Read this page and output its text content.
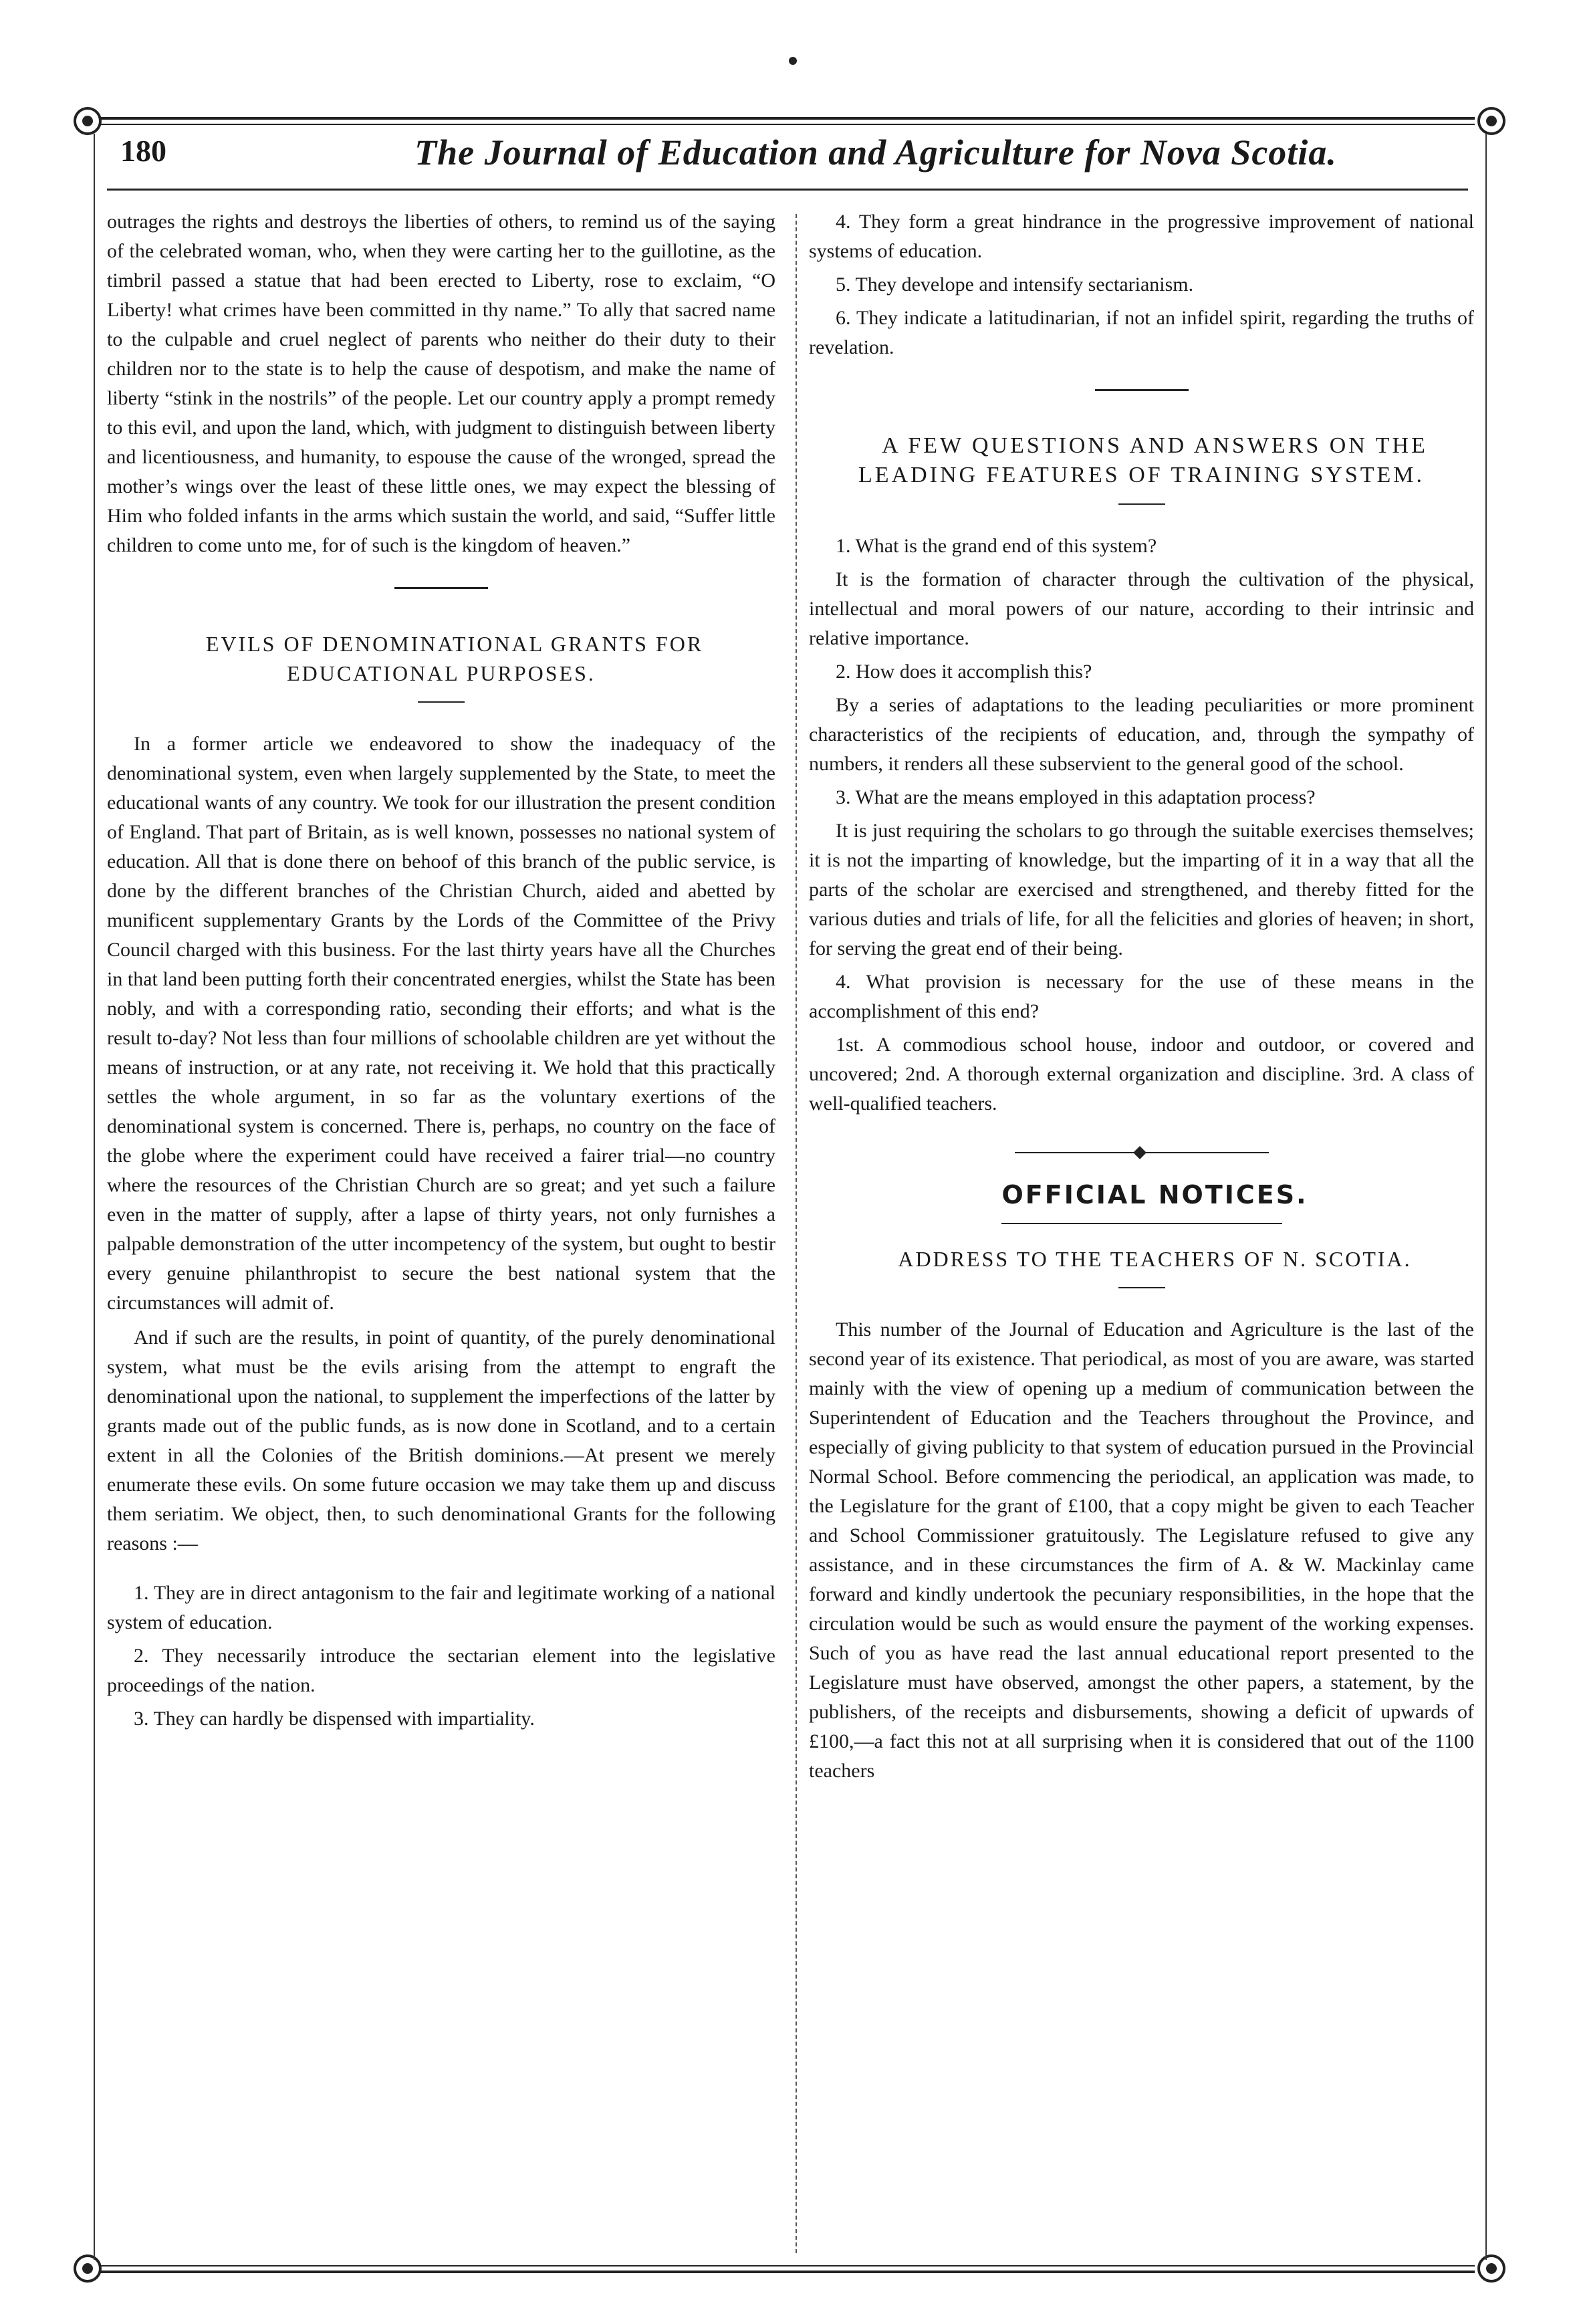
180	The Journal of Education and Agriculture for Nova Scotia.

outrages the rights and destroys the liberties of others, to remind us of the saying of the celebrated woman, who, when they were carting her to the guillotine, as the timbril passed a statue that had been erected to Liberty, rose to exclaim, “O Liberty! what crimes have been committed in thy name.” To ally that sacred name to the culpable and cruel neglect of parents who neither do their duty to their children nor to the state is to help the cause of despotism, and make the name of liberty “stink in the nostrils” of the people. Let our country apply a prompt remedy to this evil, and upon the land, which, with judgment to distinguish between liberty and licentiousness, and humanity, to espouse the cause of the wronged, spread the mother’s wings over the least of these little ones, we may expect the blessing of Him who folded infants in the arms which sustain the world, and said, “Suffer little children to come unto me, for of such is the kingdom of heaven.”

EVILS OF DENOMINATIONAL GRANTS FOR EDUCATIONAL PURPOSES.

In a former article we endeavored to show the inadequacy of the denominational system, even when largely supplemented by the State, to meet the educational wants of any country. We took for our illustration the present condition of England. That part of Britain, as is well known, possesses no national system of education. All that is done there on behoof of this branch of the public service, is done by the different branches of the Christian Church, aided and abetted by munificent supplementary Grants by the Lords of the Committee of the Privy Council charged with this business. For the last thirty years have all the Churches in that land been putting forth their concentrated energies, whilst the State has been nobly, and with a corresponding ratio, seconding their efforts; and what is the result to-day? Not less than four millions of schoolable children are yet without the means of instruction, or at any rate, not receiving it. We hold that this practically settles the whole argument, in so far as the voluntary exertions of the denominational system is concerned. There is, perhaps, no country on the face of the globe where the experiment could have received a fairer trial—no country where the resources of the Christian Church are so great; and yet such a failure even in the matter of supply, after a lapse of thirty years, not only furnishes a palpable demonstration of the utter incompetency of the system, but ought to bestir every genuine philanthropist to secure the best national system that the circumstances will admit of.

And if such are the results, in point of quantity, of the purely denominational system, what must be the evils arising from the attempt to engraft the denominational upon the national, to supplement the imperfections of the latter by grants made out of the public funds, as is now done in Scotland, and to a certain extent in all the Colonies of the British dominions.—At present we merely enumerate these evils. On some future occasion we may take them up and discuss them seriatim. We object, then, to such denominational Grants for the following reasons :—

1. They are in direct antagonism to the fair and legitimate working of a national system of education.

2. They necessarily introduce the sectarian element into the legislative proceedings of the nation.

3. They can hardly be dispensed with impartiality.

4. They form a great hindrance in the progressive improvement of national systems of education.

5. They develope and intensify sectarianism.

6. They indicate a latitudinarian, if not an infidel spirit, regarding the truths of revelation.

A FEW QUESTIONS AND ANSWERS ON THE LEADING FEATURES OF TRAINING SYSTEM.

1. What is the grand end of this system?

It is the formation of character through the cultivation of the physical, intellectual and moral powers of our nature, according to their intrinsic and relative importance.

2. How does it accomplish this?

By a series of adaptations to the leading peculiarities or more prominent characteristics of the recipients of education, and, through the sympathy of numbers, it renders all these subservient to the general good of the school.

3. What are the means employed in this adaptation process?

It is just requiring the scholars to go through the suitable exercises themselves; it is not the imparting of knowledge, but the imparting of it in a way that all the parts of the scholar are exercised and strengthened, and thereby fitted for the various duties and trials of life, for all the felicities and glories of heaven; in short, for serving the great end of their being.

4. What provision is necessary for the use of these means in the accomplishment of this end?

1st. A commodious school house, indoor and outdoor, or covered and uncovered; 2nd. A thorough external organization and discipline. 3rd. A class of well-qualified teachers.

OFFICIAL NOTICES.

ADDRESS TO THE TEACHERS OF N. SCOTIA.

This number of the Journal of Education and Agriculture is the last of the second year of its existence. That periodical, as most of you are aware, was started mainly with the view of opening up a medium of communication between the Superintendent of Education and the Teachers throughout the Province, and especially of giving publicity to that system of education pursued in the Provincial Normal School. Before commencing the periodical, an application was made, to the Legislature for the grant of £100, that a copy might be given to each Teacher and School Commissioner gratuitously. The Legislature refused to give any assistance, and in these circumstances the firm of A. & W. Mackinlay came forward and kindly undertook the pecuniary responsibilities, in the hope that the circulation would be such as would ensure the payment of the working expenses. Such of you as have read the last annual educational report presented to the Legislature must have observed, amongst the other papers, a statement, by the publishers, of the receipts and disbursements, showing a deficit of upwards of £100,—a fact this not at all surprising when it is considered that out of the 1100 teachers
